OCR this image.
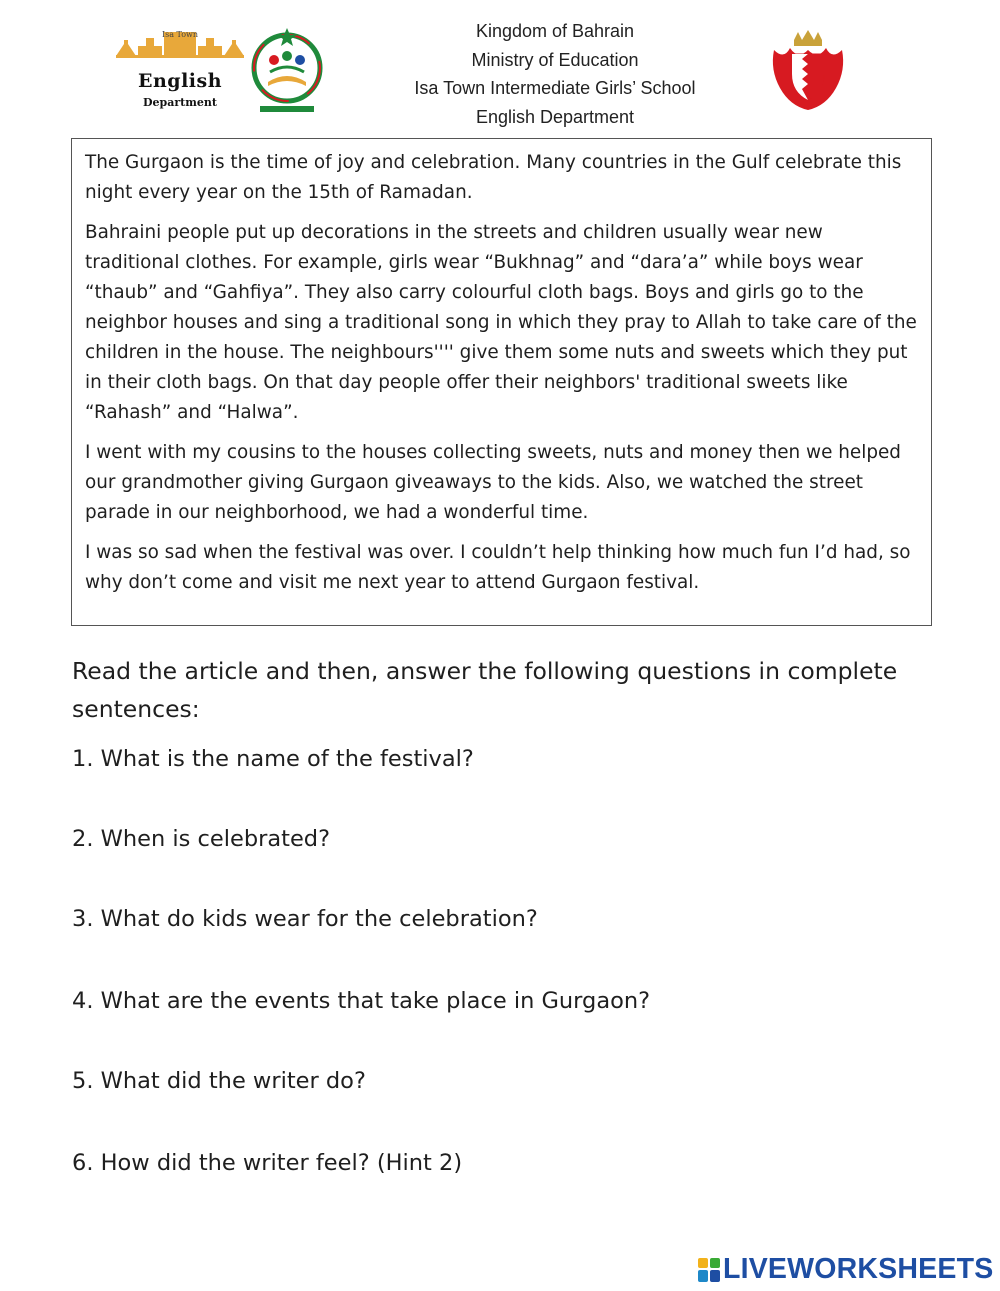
Isa Town
English
Department
Kingdom of Bahrain
Ministry of Education
Isa Town Intermediate Girls’ School
English Department

The Gurgaon is the time of joy and celebration. Many countries in the Gulf celebrate this night every year on the 15th of Ramadan.

Bahraini people put up decorations in the streets and children usually wear new traditional clothes. For example, girls wear “Bukhnag” and “dara’a” while boys wear “thaub” and “Gahfiya”. They also carry colourful cloth bags. Boys and girls go to the neighbor houses and sing a traditional song in which they pray to Allah to take care of the children in the house. The neighbours'''' give them some nuts and sweets which they put in their cloth bags. On that day people offer their neighbors' traditional sweets like “Rahash” and “Halwa”.

I went with my cousins to the houses collecting sweets, nuts and money then we helped our grandmother giving Gurgaon giveaways to the kids. Also, we watched the street parade in our neighborhood, we had a wonderful time.

I was so sad when the festival was over. I couldn’t help thinking how much fun I’d had, so why don’t come and visit me next year to attend Gurgaon festival.

Read the article and then, answer the following questions in complete sentences:
1. What is the name of the festival?
2. When is celebrated?
3. What do kids wear for the celebration?
4. What are the events that take place in Gurgaon?
5. What did the writer do?
6. How did the writer feel? (Hint 2)
LIVEWORKSHEETS
